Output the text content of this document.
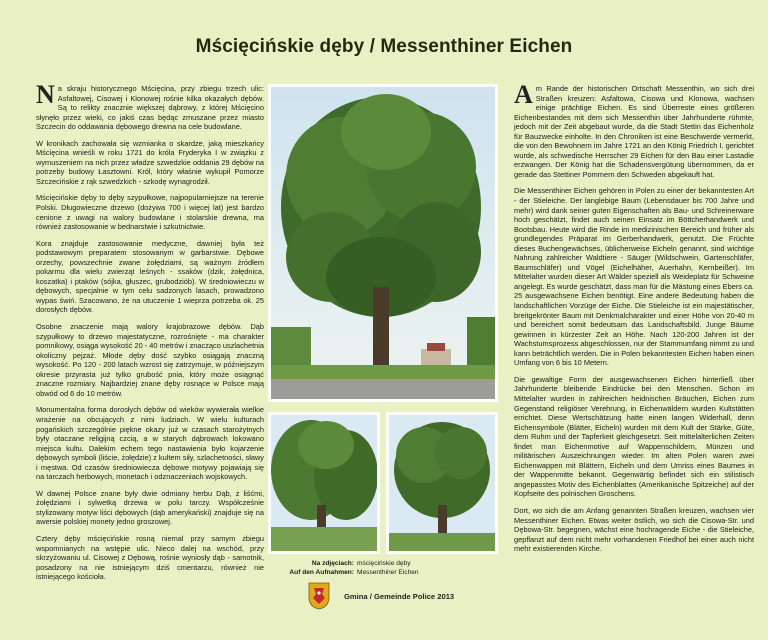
Mścięcińskie dęby / Messenthiner Eichen

Na skraju historycznego Mścięcina, przy zbiegu trzech ulic: Asfaltowej, Cisowej i Klonowej rośnie kilka okazałych dębów. Są to relikty znacznie większej dąbrowy, z której Mścięcino słynęło przez wieki, co jakiś czas będąc zmuszane przez miasto Szczecin do oddawania dębowego drewna na cele budowlane.

W kronikach zachowała się wzmianka o skardze, jaką mieszkańcy Mścięcina wnieśli w roku 1721 do króla Fryderyka I w związku z wymuszeniem na nich przez władze szwedzkie oddania 29 dębów na potrzeby budowy Łasztowni. Król, który właśnie wykupił Pomorze Szczecińskie z rąk szwedzkich - szkodę wynagrodził.

Mścięcińskie dęby to dęby szypułkowe, najpopularniejsze na terenie Polski. Długowieczne drzewo (dożywa 700 i więcej lat) jest bardzo cenione z uwagi na walory budowlane i stolarskie drewna, ma również zastosowanie w bednarstwie i szkutnictwie.

Kora znajduje zastosowanie medyczne, dawniej była też podstawowym preparatem stosowanym w garbarstwie. Dębowe orzechy, powszechnie zwane żołędziami, są ważnym źródłem pokarmu dla wielu zwierząt leśnych - ssaków (dzik, żołędnica, koszatka) i ptaków (sójka, głuszec, grubodziób). W średniowieczu w dębowych, specjalnie w tym celu sadzonych lasach, prowadzono wypas świń. Szacowano, że na utuczenie 1 wieprza potrzeba ok. 25 dorosłych dębów.

Osobne znaczenie mają walory krajobrazowe dębów. Dąb szypułkowy to drzewo majestatyczne, rozrośnięte - ma charakter pomnikowy, osiąga wysokość 20 - 40 metrów i znacząco uszlachetnia okoliczny pejzaż. Młode dęby dość szybko osiągają znaczną wysokość. Po 120 - 200 latach wzrost się zatrzymuje, w późniejszym okresie przyrasta już tylko grubość pnia, który może osiągnąć znaczne rozmiary. Najbardziej znane dęby rosnące w Polsce mają obwód od 6 do 10 metrów.

Monumentalna forma dorosłych dębów od wieków wywierała wielkie wrażenie na obcujących z nimi ludziach. W wielu kulturach pogańskich szczególnie piękne okazy już w czasach starożytnych były otaczane religijną czcią, a w starych dąbrowach lokowano miejsca kultu. Dalekim echem tego nastawienia było kojarzenie dębowych symboli (liście, żołędzie) z kultem siły, szlachetności, sławy i męstwa. Od czasów średniowiecza dębowe motywy pojawiają się na tarczach herbowych, monetach i odznaczeniach wojskowych.

W dawnej Polsce znane były dwie odmiany herbu Dąb, z liśćmi, żołędziami i sylwetką drzewa w polu tarczy. Współcześnie stylizowany motyw liści dębowych (dąb amerykański) znajduje się na awersie polskiej monety jedno groszowej.

Cztery dęby mścięcińskie rosną niemal przy samym zbiegu wspomnianych na wstępie ulic. Nieco dalej na wschód, przy skrzyżowaniu ul. Cisowej z Dębową, rośnie wyniosły dąb - samotnik, posadzony na nie istniejącym dziś cmentarzu, również nie istniejącego kościoła.

Na zdjęciach: mścięcińskie dęby
Auf den Aufnahmen: Messenthiner Eichen
Gmina / Gemeinde Police 2013

Am Rande der historischen Ortschaft Messenthin, wo sich drei Straßen kreuzen: Asfaltowa, Cisowa und Klonowa, wachsen einige prächtige Eichen. Es sind Überreste eines größeren Eichenbestandes mit dem sich Messenthin über Jahrhunderte rühmte, jedoch mit der Zeit abgebaut wurde, da die Stadt Stettin das Eichenholz für Bauzwecke einholte. In den Chroniken ist eine Beschwerde vermerkt, die von den Bewohnern im Jahre 1721 an den König Friedrich I. gerichtet wurde, als schwedische Herrscher 29 Eichen für den Bau einer Lastadie erzwangen. Der König hat die Schadensvergütung übernommen, da er gerade das Stettiner Pommern den Schweden abgekauft hat.

Die Messenthiner Eichen gehören in Polen zu einer der bekanntesten Art - der Stieleiche. Der langlebige Baum (Lebensdauer bis 700 Jahre und mehr) wird dank seiner guten Eigenschaften als Bau- und Schreinerware hoch geschätzt, findet auch seinen Einsatz im Böttcherhandwerk und Bootsbau. Heute wird die Rinde im medizinischen Bereich und früher als grundlegendes Präparat im Gerberhandwerk, genutzt. Die Früchte dieses Buchengewächses, üblicherweise Eicheln genannt, sind wichtige Nahrung zahlreicher Waldtiere - Säuger (Wildschwein, Gartenschläfer, Baumschläfer) und Vögel (Eichelhäher, Auerhahn, Kernbeißer). Im Mittelalter wurden dieser Art Wälder speziell als Weideplatz für Schweine angelegt. Es wurde geschätzt, dass man für die Mästung eines Ebers ca. 25 ausgewachsene Eichen benötigt. Eine andere Bedeutung haben die landschaftlichen Vorzüge der Eiche. Die Stieleiche ist ein majestätischer, breitgekrönter Baum mit Denkmalcharakter und einer Höhe von 20-40 m und bereichert somit bedeutsam das Landschaftsbild. Junge Bäume gewinnen in kürzester Zeit an Höhe. Nach 120-200 Jahren ist der Wachstumsprozess abgeschlossen, nur der Stammumfang nimmt zu und kann beträchtlich werden. Die in Polen bekanntesten Eichen haben einen Umfang von 6 bis 10 Metern.

Die gewaltige Form der ausgewachsenen Eichen hinterließ über Jahrhunderte bleibende Eindrücke bei den Menschen. Schon im Mittelalter wurden in zahlreichen heidnischen Bräuchen, Eichen zum Gegenstand religiöser Verehrung, in Eichenwäldern wurden Kultstätten errichtet. Diese Wertschätzung hatte einen langen Widerhall, denn Eichensymbole (Blätter, Eicheln) wurden mit dem Kult der Stärke, Güte, dem Ruhm und der Tapferkeit gleichgesetzt. Seit mittelalterlichen Zeiten findet man Eichenmotive auf Wappenschildern, Münzen und militärischen Auszeichnungen wieder. Im alten Polen waren zwei Eichenwappen mit Blättern, Eicheln und dem Umriss eines Baumes in der Wappenmitte bekannt. Gegenwärtig befindet sich ein stilistisch angepasstes Motiv des Eichenblattes (Amerikanische Spitzeiche) auf der Kopfseite des polnischen Groschens.

Dort, wo sich die am Anfang genannten Straßen kreuzen, wachsen vier Messenthiner Eichen. Etwas weiter östlich, wo sich die Cisowa-Str. und Dębowa-Str. begegnen, wächst eine hochragende Eiche - die Stieleiche, gepflanzt auf dem nicht mehr vorhandenen Friedhof bei einer auch nicht mehr existierenden Kirche.
